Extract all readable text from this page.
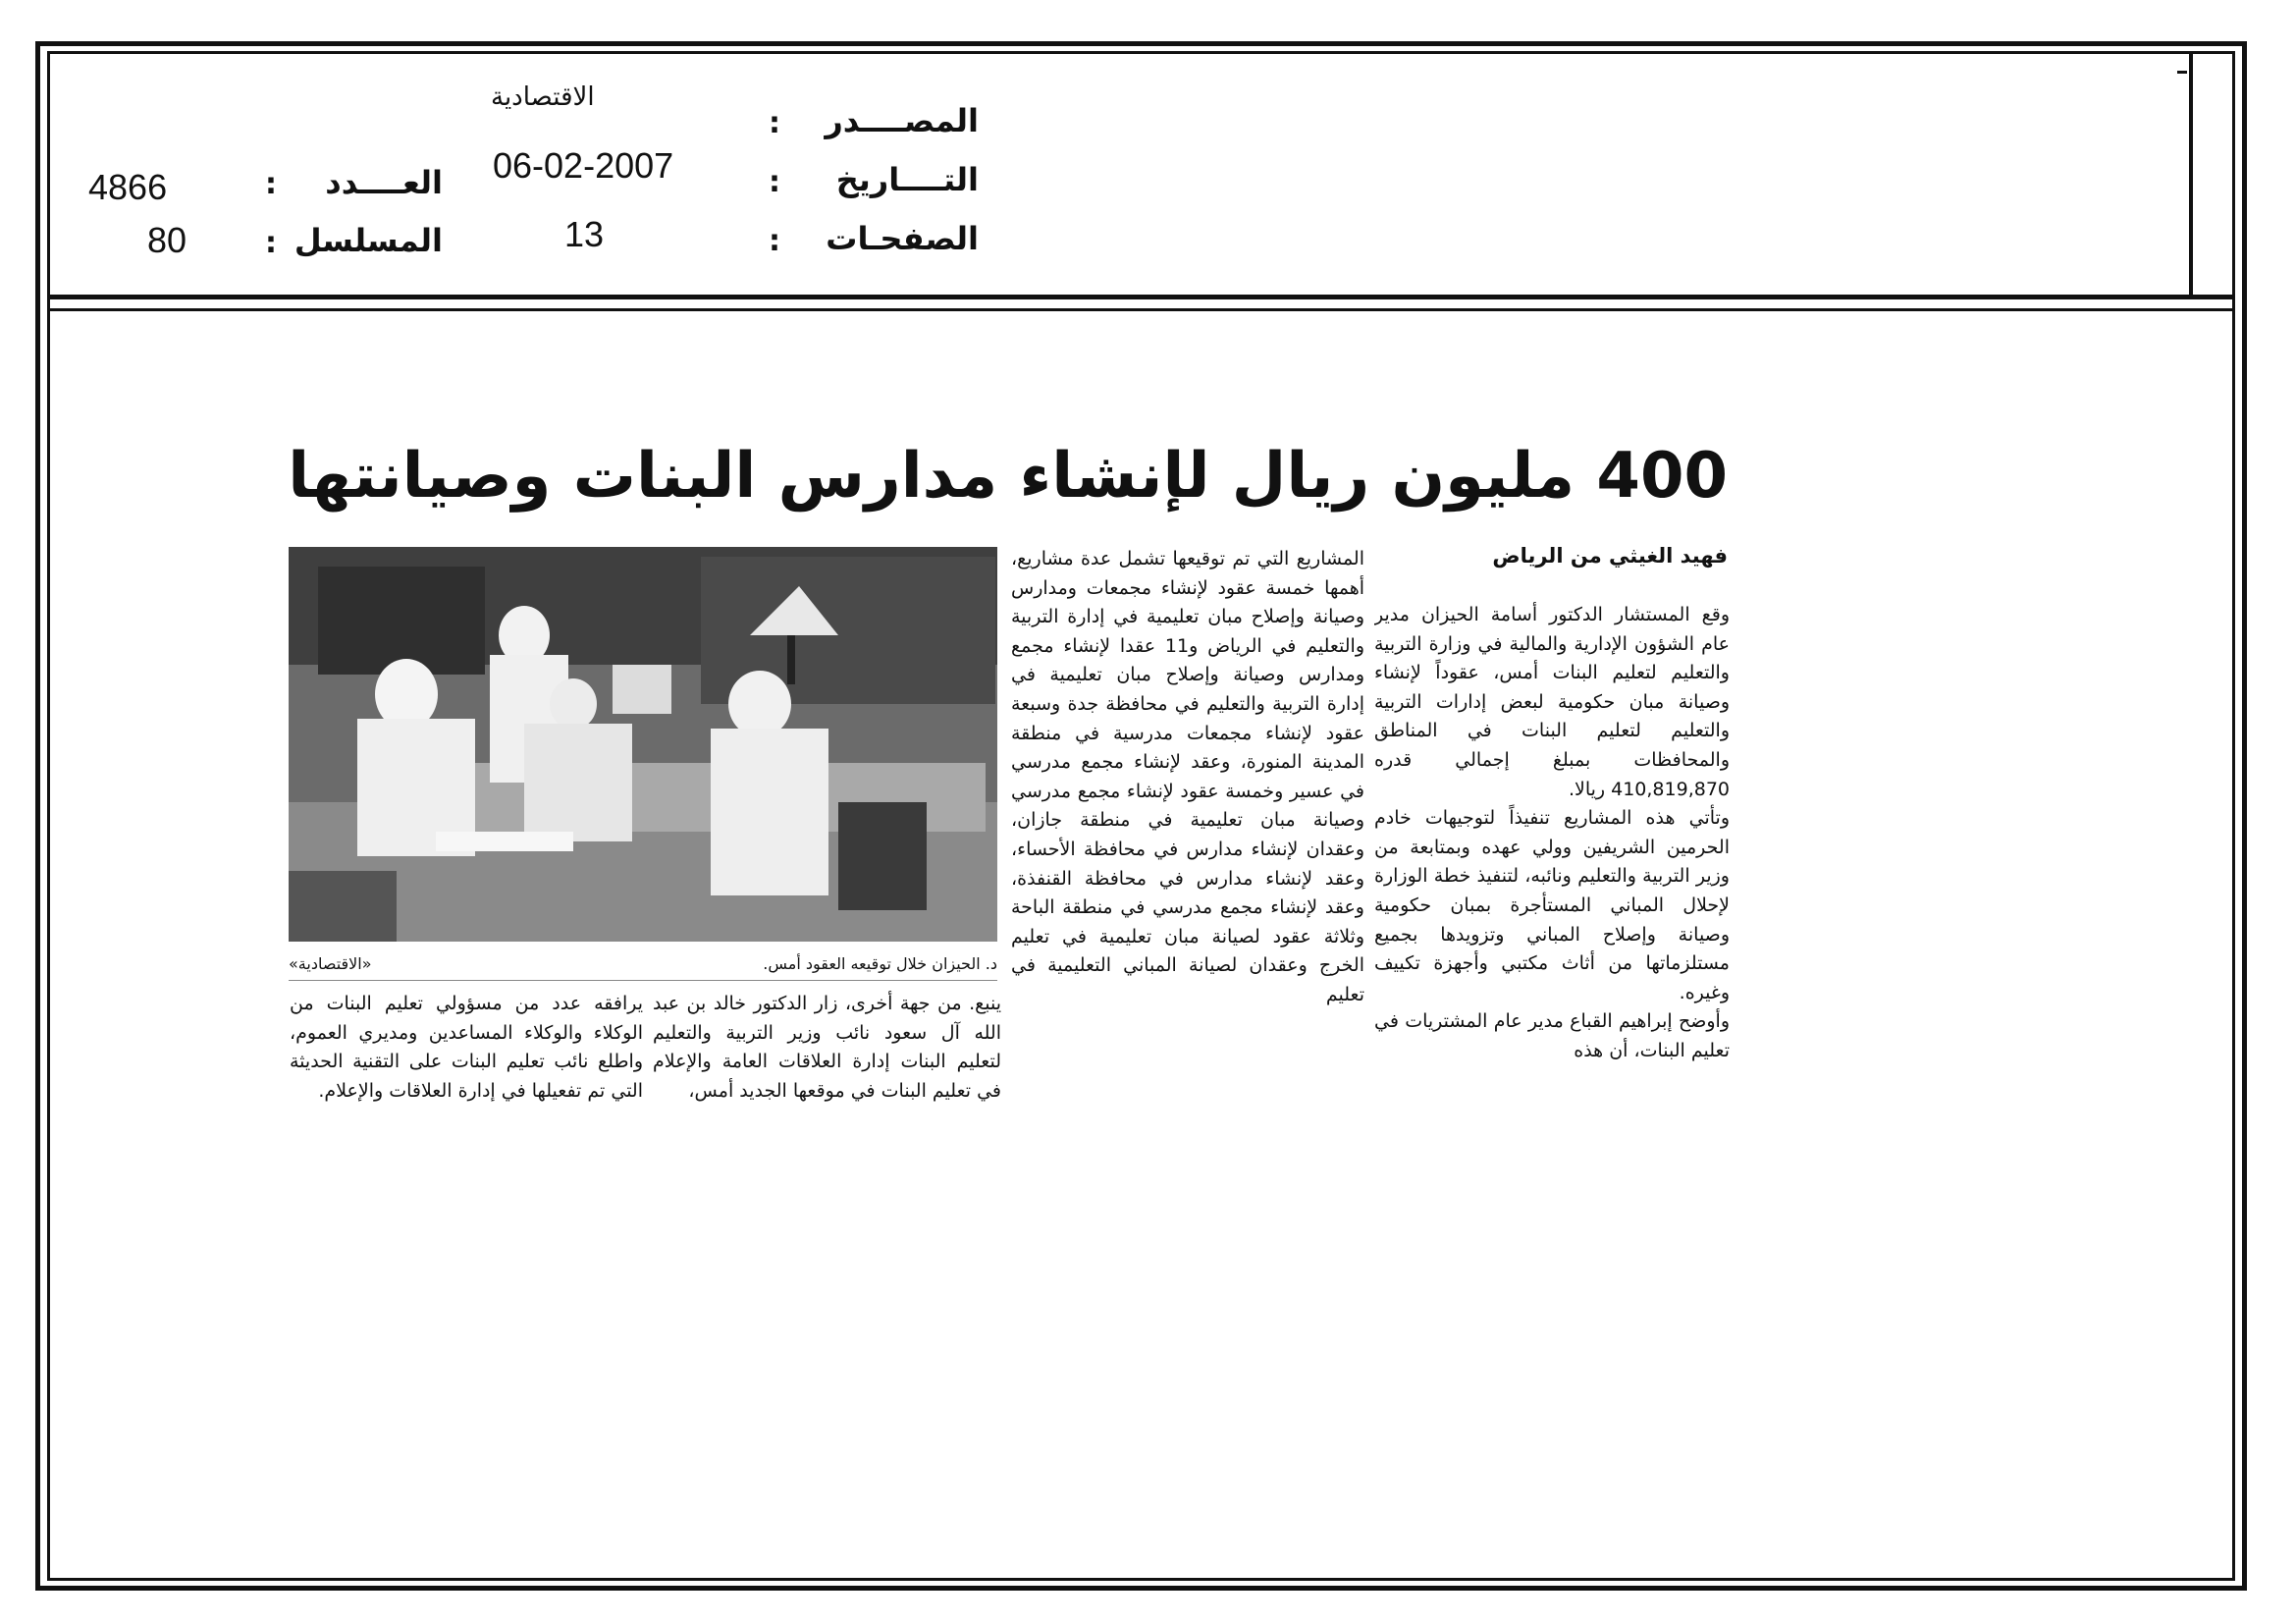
المصــــدر
:
التــــاريخ
:
الصفحـات
:
الاقتصادية
06-02-2007
13
العــــدد
:
المسلسل
:
4866
80
400 مليون ريال لإنشاء مدارس البنات وصيانتها
فهيد الغيثي من الرياض

وقع المستشار الدكتور أسامة الحيزان مدير عام الشؤون الإدارية والمالية في وزارة التربية والتعليم لتعليم البنات أمس، عقوداً لإنشاء وصيانة مبان حكومية لبعض إدارات التربية والتعليم لتعليم البنات في المناطق والمحافظات بمبلغ إجمالي قدره 410,819,870 ريالا.

وتأتي هذه المشاريع تنفيذاً لتوجيهات خادم الحرمين الشريفين وولي عهده وبمتابعة من وزير التربية والتعليم ونائبه، لتنفيذ خطة الوزارة لإحلال المباني المستأجرة بمبان حكومية وصيانة وإصلاح المباني وتزويدها بجميع مستلزماتها من أثاث مكتبي وأجهزة تكييف وغيره.

وأوضح إبراهيم القباع مدير عام المشتريات في تعليم البنات، أن هذه

المشاريع التي تم توقيعها تشمل عدة مشاريع، أهمها خمسة عقود لإنشاء مجمعات ومدارس وصيانة وإصلاح مبان تعليمية في إدارة التربية والتعليم في الرياض و11 عقدا لإنشاء مجمع ومدارس وصيانة وإصلاح مبان تعليمية في إدارة التربية والتعليم في محافظة جدة وسبعة عقود لإنشاء مجمعات مدرسية في منطقة المدينة المنورة، وعقد لإنشاء مجمع مدرسي في عسير وخمسة عقود لإنشاء مجمع مدرسي وصيانة مبان تعليمية في منطقة جازان، وعقدان لإنشاء مدارس في محافظة الأحساء، وعقد لإنشاء مدارس في محافظة القنفذة، وعقد لإنشاء مجمع مدرسي في منطقة الباحة وثلاثة عقود لصيانة مبان تعليمية في تعليم الخرج وعقدان لصيانة المباني التعليمية في تعليم

د. الحيزان خلال توقيعه العقود أمس.
«الاقتصادية»

ينبع. من جهة أخرى، زار الدكتور خالد بن عبد الله آل سعود نائب وزير التربية والتعليم لتعليم البنات إدارة العلاقات العامة والإعلام في تعليم البنات في موقعها الجديد أمس،

يرافقه عدد من مسؤولي تعليم البنات من الوكلاء والوكلاء المساعدين ومديري العموم، واطلع نائب تعليم البنات على التقنية الحديثة التي تم تفعيلها في إدارة العلاقات والإعلام.
